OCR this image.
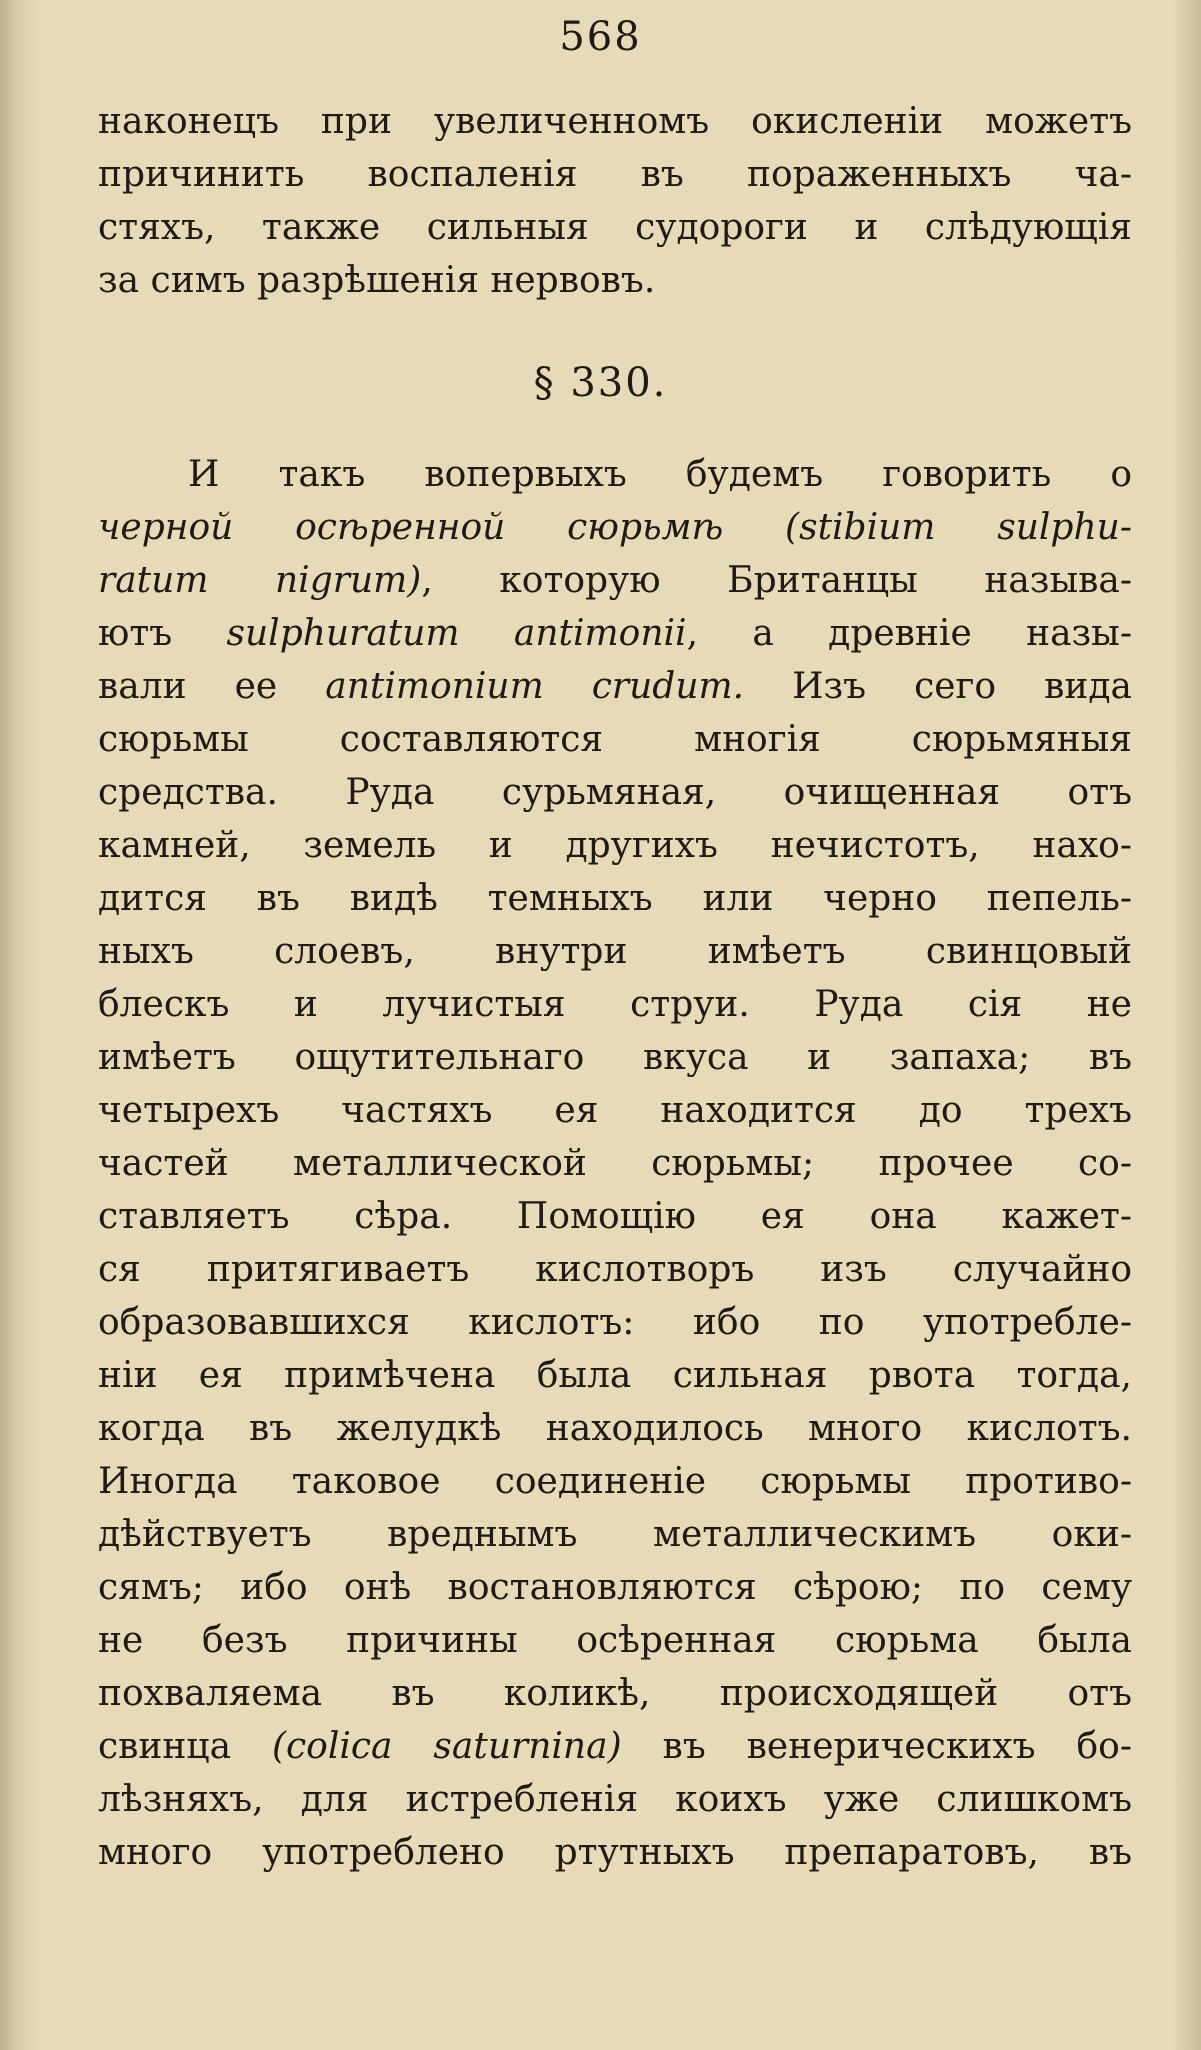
568
наконецъ при увеличенномъ окисленiи можетъ
причинить воспаленiя въ пораженныхъ ча-
стяхъ, также сильныя судороги и слѣдующiя
за симъ разрѣшенiя нервовъ.
§ 330.
И такъ вопервыхъ будемъ говорить о
черной осѣренной сюрьмѣ (stibium sulphu-
ratum nigrum), которую Британцы называ-
ютъ sulphuratum antimonii, а древнiе назы-
вали ее antimonium crudum. Изъ сего вида
сюрьмы составляются многiя сюрьмяныя
средства. Руда сурьмяная, очищенная отъ
камней, земель и другихъ нечистотъ, нахо-
дится въ видѣ темныхъ или черно пепель-
ныхъ слоевъ, внутри имѣетъ свинцовый
блескъ и лучистыя струи. Руда сiя не
имѣетъ ощутительнаго вкуса и запаха; въ
четырехъ частяхъ ея находится до трехъ
частей металлической сюрьмы; прочее со-
ставляетъ сѣра. Помощiю ея она кажет-
ся притягиваетъ кислотворъ изъ случайно
образовавшихся кислотъ: ибо по употребле-
нiи ея примѣчена была сильная рвота тогда,
когда въ желудкѣ находилось много кислотъ.
Иногда таковое соединенiе сюрьмы противо-
дѣйствуетъ вреднымъ металлическимъ оки-
сямъ; ибо онѣ востановляются сѣрою; по сему
не безъ причины осѣренная сюрьма была
похваляема въ коликѣ, происходящей отъ
свинца (colica saturnina) въ венерическихъ бо-
лѣзняхъ, для истребленiя коихъ уже слишкомъ
много употреблено ртутныхъ препаратовъ, въ
